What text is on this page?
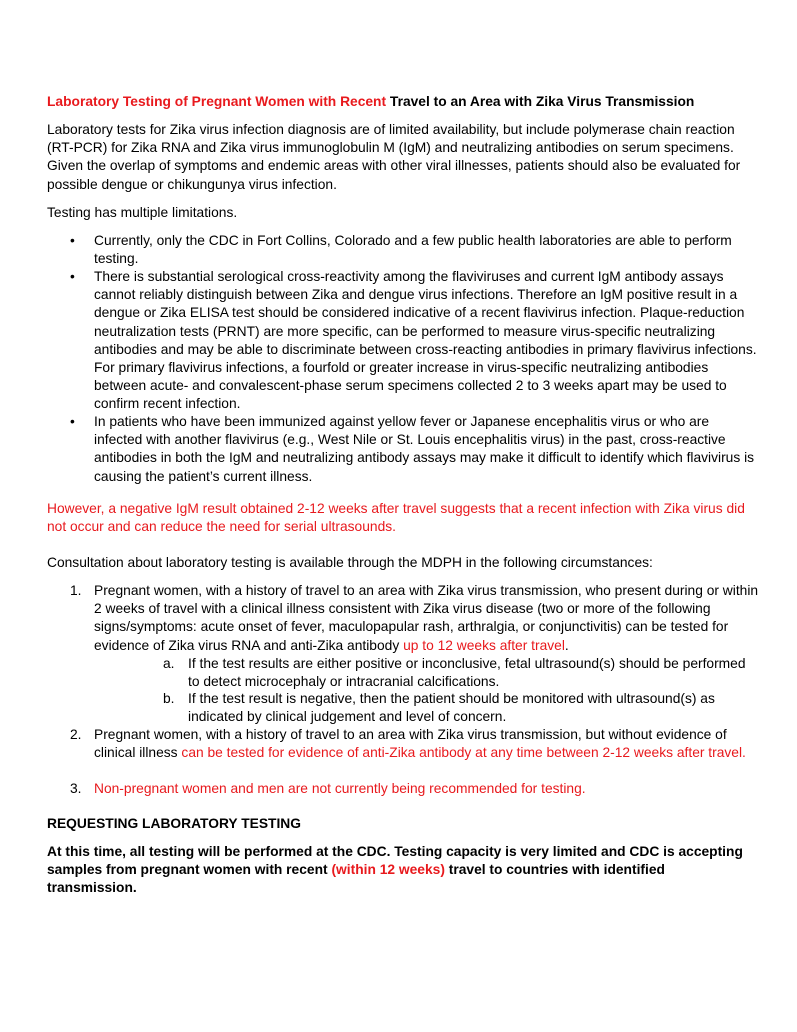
Laboratory Testing of Pregnant Women with Recent Travel to an Area with Zika Virus Transmission
Laboratory tests for Zika virus infection diagnosis are of limited availability, but include polymerase chain reaction (RT-PCR) for Zika RNA and Zika virus immunoglobulin M (IgM) and neutralizing antibodies on serum specimens. Given the overlap of symptoms and endemic areas with other viral illnesses, patients should also be evaluated for possible dengue or chikungunya virus infection.
Testing has multiple limitations.
• Currently, only the CDC in Fort Collins, Colorado and a few public health laboratories are able to perform testing.
• There is substantial serological cross-reactivity among the flaviviruses and current IgM antibody assays cannot reliably distinguish between Zika and dengue virus infections. Therefore an IgM positive result in a dengue or Zika ELISA test should be considered indicative of a recent flavivirus infection. Plaque-reduction neutralization tests (PRNT) are more specific, can be performed to measure virus-specific neutralizing antibodies and may be able to discriminate between cross-reacting antibodies in primary flavivirus infections. For primary flavivirus infections, a fourfold or greater increase in virus-specific neutralizing antibodies between acute- and convalescent-phase serum specimens collected 2 to 3 weeks apart may be used to confirm recent infection.
• In patients who have been immunized against yellow fever or Japanese encephalitis virus or who are infected with another flavivirus (e.g., West Nile or St. Louis encephalitis virus) in the past, cross-reactive antibodies in both the IgM and neutralizing antibody assays may make it difficult to identify which flavivirus is causing the patient’s current illness.
However, a negative IgM result obtained 2-12 weeks after travel suggests that a recent infection with Zika virus did not occur and can reduce the need for serial ultrasounds.
Consultation about laboratory testing is available through the MDPH in the following circumstances:
1. Pregnant women, with a history of travel to an area with Zika virus transmission, who present during or within 2 weeks of travel with a clinical illness consistent with Zika virus disease (two or more of the following signs/symptoms: acute onset of fever, maculopapular rash, arthralgia, or conjunctivitis) can be tested for evidence of Zika virus RNA and anti-Zika antibody up to 12 weeks after travel.
a. If the test results are either positive or inconclusive, fetal ultrasound(s) should be performed to detect microcephaly or intracranial calcifications.
b. If the test result is negative, then the patient should be monitored with ultrasound(s) as indicated by clinical judgement and level of concern.
2. Pregnant women, with a history of travel to an area with Zika virus transmission, but without evidence of clinical illness can be tested for evidence of anti-Zika antibody at any time between 2-12 weeks after travel.
3. Non-pregnant women and men are not currently being recommended for testing.
REQUESTING LABORATORY TESTING
At this time, all testing will be performed at the CDC. Testing capacity is very limited and CDC is accepting samples from pregnant women with recent (within 12 weeks) travel to countries with identified transmission.
